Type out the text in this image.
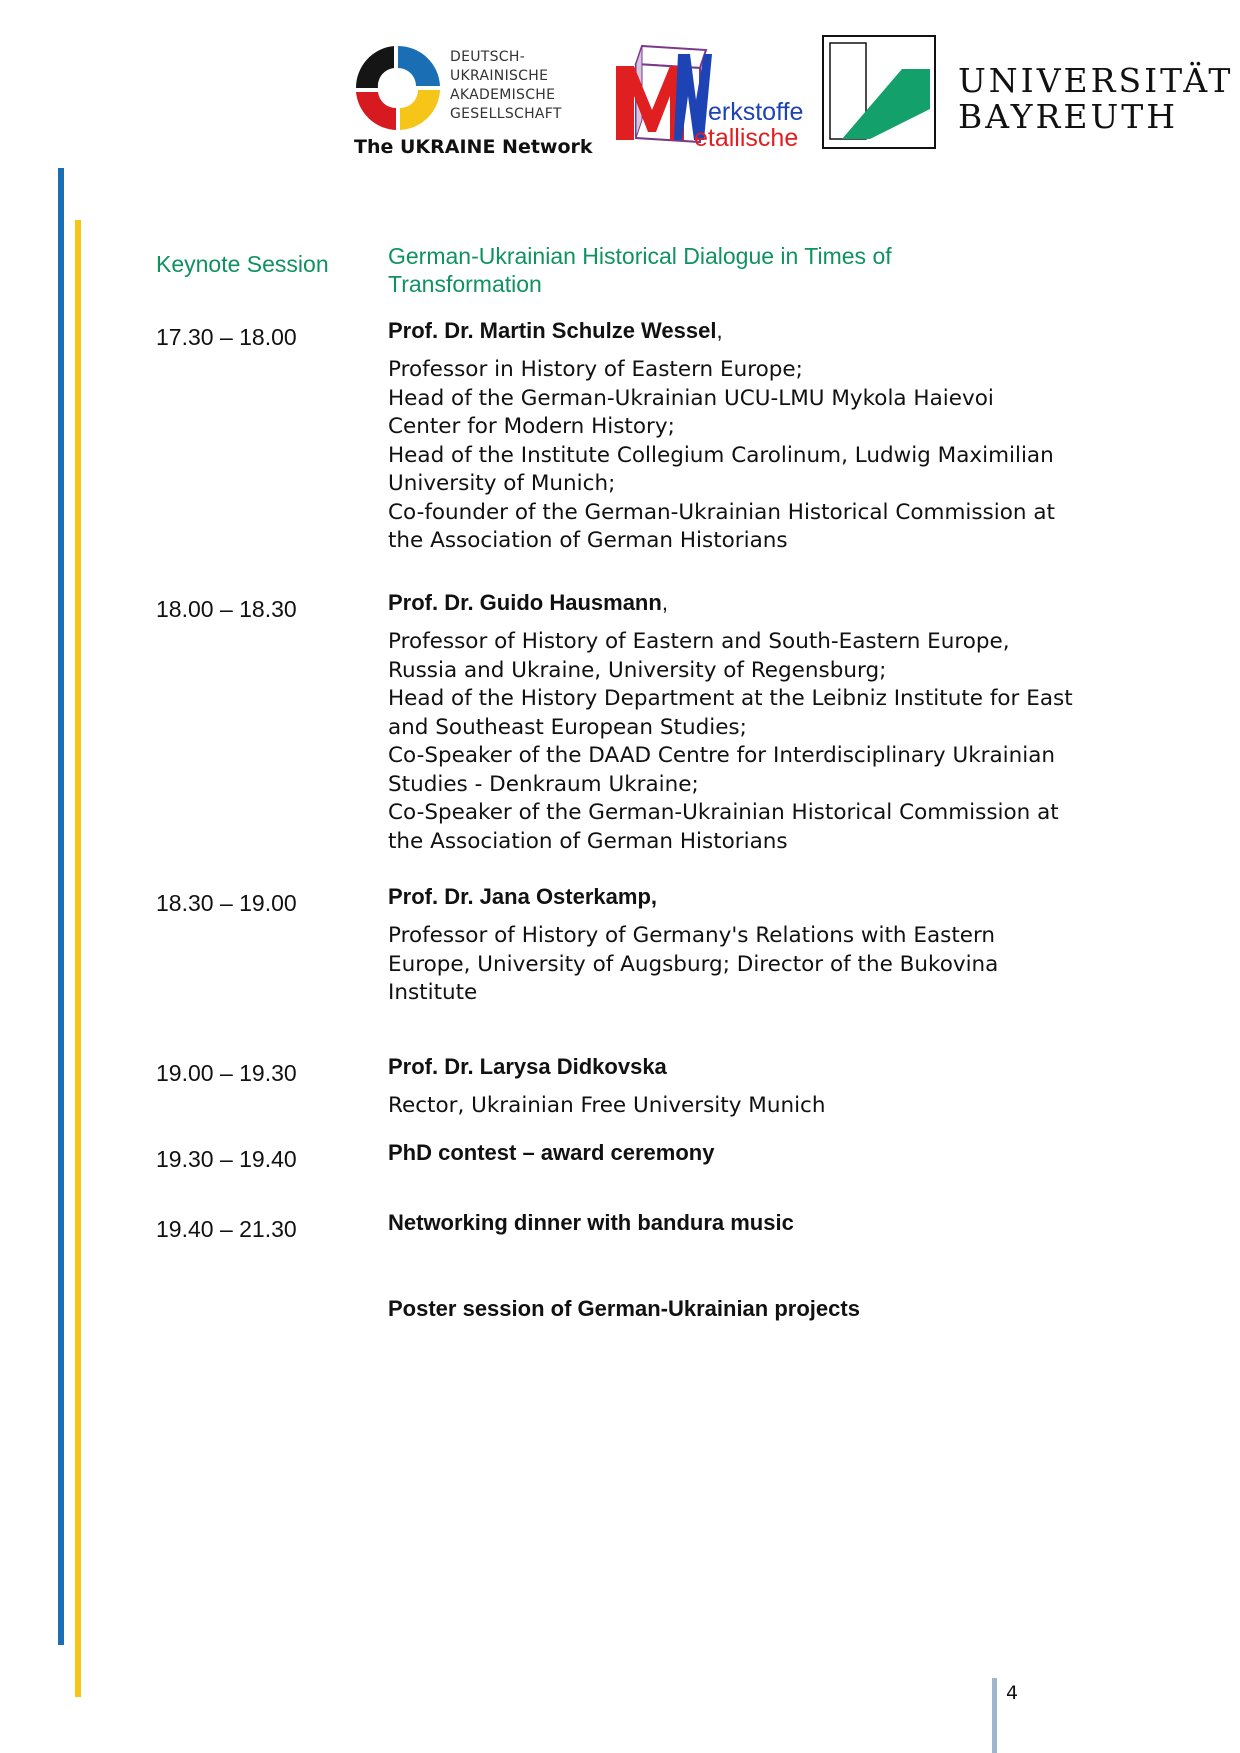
DEUTSCH-
UKRAINISCHE
AKADEMISCHE
GESELLSCHAFT
The UKRAINE Network
erkstoffe
etallische
UNIVERSITÄT
BAYREUTH
Keynote Session	German-Ukrainian Historical Dialogue in Times of Transformation
17.30 – 18.00	Prof. Dr. Martin Schulze Wessel,
Professor in History of Eastern Europe;
Head of the German-Ukrainian UCU-LMU Mykola Haievoi
Center for Modern History;
Head of the Institute Collegium Carolinum, Ludwig Maximilian
University of Munich;
Co-founder of the German-Ukrainian Historical Commission at
the Association of German Historians
18.00 – 18.30	Prof. Dr. Guido Hausmann,
Professor of History of Eastern and South-Eastern Europe,
Russia and Ukraine, University of Regensburg;
Head of the History Department at the Leibniz Institute for East
and Southeast European Studies;
Co-Speaker of the DAAD Centre for Interdisciplinary Ukrainian
Studies - Denkraum Ukraine;
Co-Speaker of the German-Ukrainian Historical Commission at
the Association of German Historians
18.30 – 19.00	Prof. Dr. Jana Osterkamp,
Professor of History of Germany's Relations with Eastern
Europe, University of Augsburg; Director of the Bukovina
Institute
19.00 – 19.30	Prof. Dr. Larysa Didkovska
Rector, Ukrainian Free University Munich
19.30 – 19.40	PhD contest – award ceremony
19.40 – 21.30	Networking dinner with bandura music
Poster session of German-Ukrainian projects
4
